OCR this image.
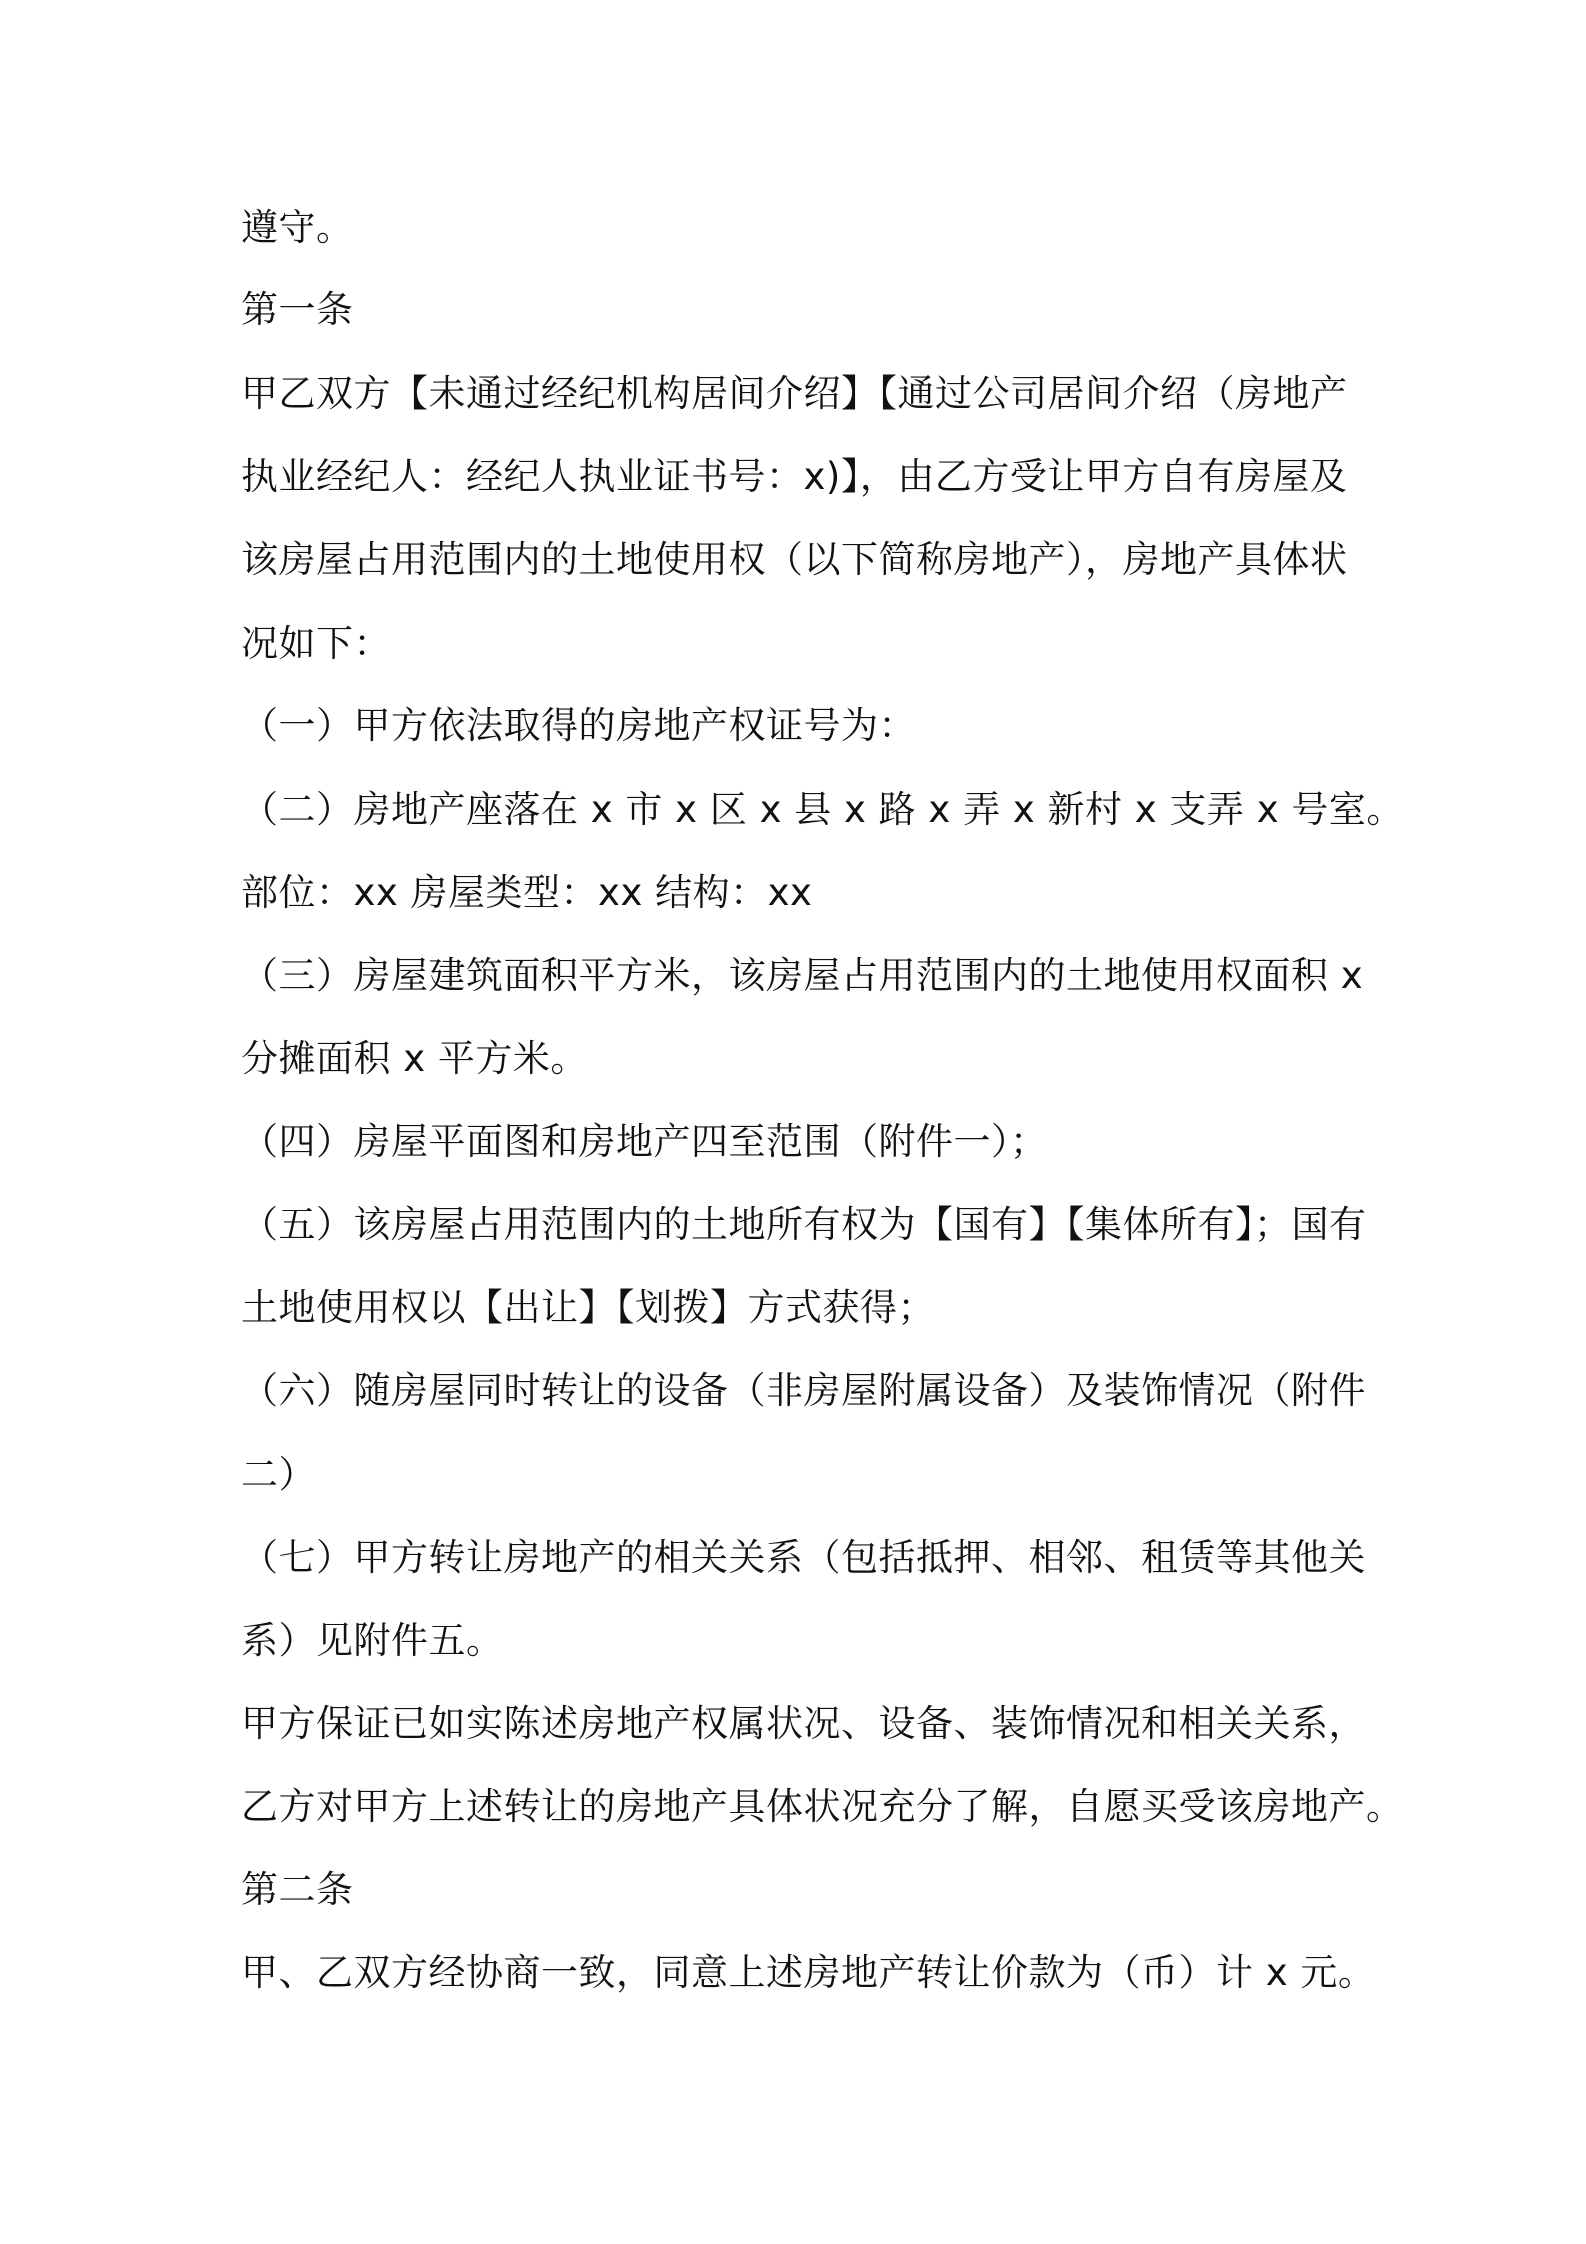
遵守。

第一条

甲乙双方【未通过经纪机构居间介绍】【通过公司居间介绍（房地产

执业经纪人：经纪人执业证书号：x)】，由乙方受让甲方自有房屋及

该房屋占用范围内的土地使用权（以下简称房地产），房地产具体状

况如下：

（一）甲方依法取得的房地产权证号为：

（二）房地产座落在 x 市 x 区 x 县 x 路 x 弄 x 新村 x 支弄 x 号室。

部位：xx 房屋类型：xx 结构：xx

（三）房屋建筑面积平方米，该房屋占用范围内的土地使用权面积 x

分摊面积 x 平方米。

（四）房屋平面图和房地产四至范围（附件一）；

（五）该房屋占用范围内的土地所有权为【国有】【集体所有】；国有

土地使用权以【出让】【划拨】方式获得；

（六）随房屋同时转让的设备（非房屋附属设备）及装饰情况（附件

二）

（七）甲方转让房地产的相关关系（包括抵押、相邻、租赁等其他关

系）见附件五。

甲方保证已如实陈述房地产权属状况、设备、装饰情况和相关关系，

乙方对甲方上述转让的房地产具体状况充分了解，自愿买受该房地产。

第二条

甲、乙双方经协商一致，同意上述房地产转让价款为（币）计 x 元。
